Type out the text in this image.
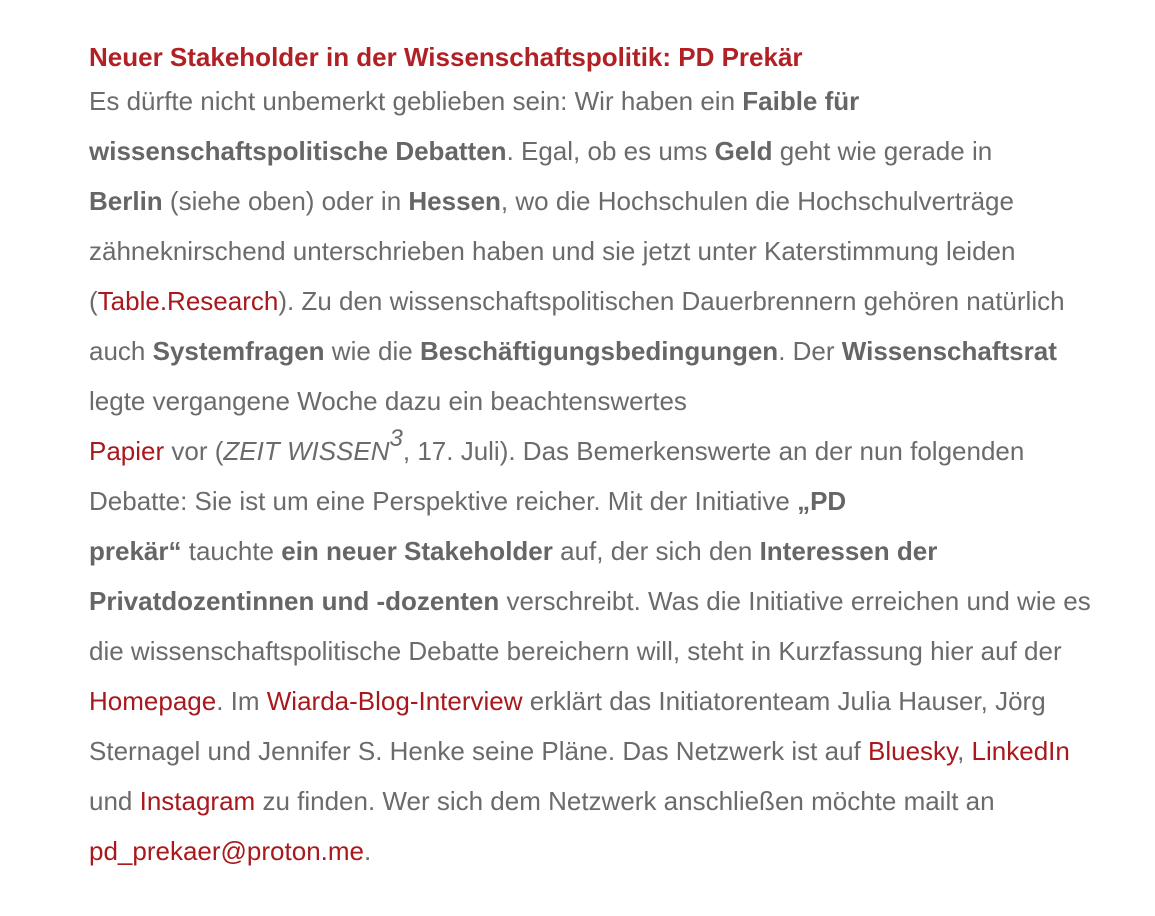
Neuer Stakeholder in der Wissenschaftspolitik: PD Prekär

Es dürfte nicht unbemerkt geblieben sein: Wir haben ein Faible für wissenschaftspolitische Debatten. Egal, ob es ums Geld geht wie gerade in
Berlin (siehe oben) oder in Hessen, wo die Hochschulen die Hochschulverträge zähneknirschend unterschrieben haben und sie jetzt unter Katerstimmung leiden (Table.Research). Zu den wissenschaftspolitischen Dauerbrennern gehören natürlich auch Systemfragen wie die Beschäftigungsbedingungen. Der Wissenschaftsrat legte vergangene Woche dazu ein beachtenswertes
Papier vor (ZEIT WISSEN$^3$, 17. Juli). Das Bemerkenswerte an der nun folgenden Debatte: Sie ist um eine Perspektive reicher. Mit der Initiative „PD
prekär“ tauchte ein neuer Stakeholder auf, der sich den Interessen der Privatdozentinnen und -dozenten verschreibt. Was die Initiative erreichen und wie es die wissenschaftspolitische Debatte bereichern will, steht in Kurzfassung hier auf der Homepage. Im Wiarda-Blog-Interview erklärt das Initiatorenteam Julia Hauser, Jörg Sternagel und Jennifer S. Henke seine Pläne. Das Netzwerk ist auf Bluesky, LinkedIn und Instagram zu finden. Wer sich dem Netzwerk anschließen möchte mailt an pd_prekaer@proton.me.
